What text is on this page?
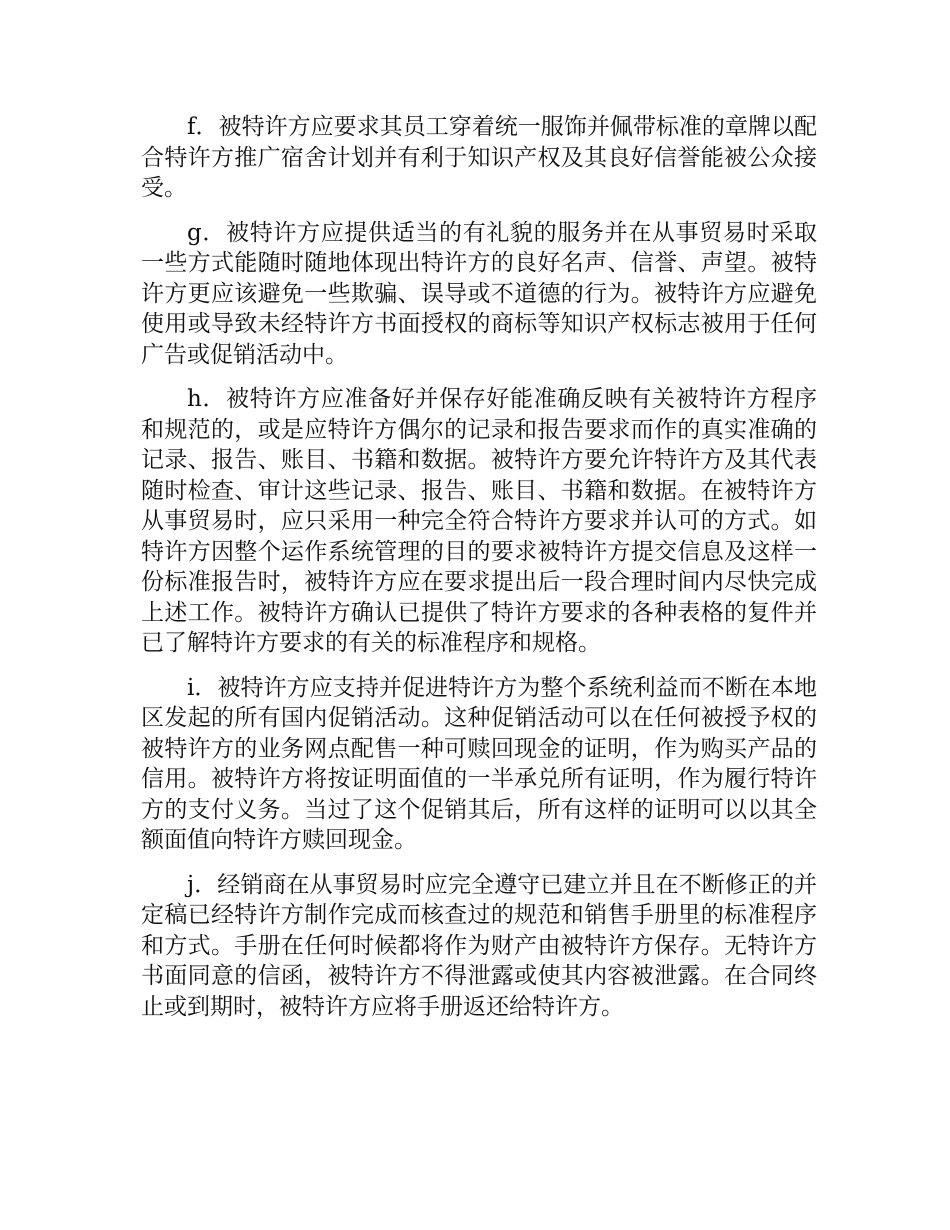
f．被特许方应要求其员工穿着统一服饰并佩带标准的章牌以配合特许方推广宿舍计划并有利于知识产权及其良好信誉能被公众接受。

g．被特许方应提供适当的有礼貌的服务并在从事贸易时采取一些方式能随时随地体现出特许方的良好名声、信誉、声望。被特许方更应该避免一些欺骗、误导或不道德的行为。被特许方应避免使用或导致未经特许方书面授权的商标等知识产权标志被用于任何广告或促销活动中。

h．被特许方应准备好并保存好能准确反映有关被特许方程序和规范的，或是应特许方偶尔的记录和报告要求而作的真实准确的记录、报告、账目、书籍和数据。被特许方要允许特许方及其代表随时检查、审计这些记录、报告、账目、书籍和数据。在被特许方从事贸易时，应只采用一种完全符合特许方要求并认可的方式。如特许方因整个运作系统管理的目的要求被特许方提交信息及这样一份标准报告时，被特许方应在要求提出后一段合理时间内尽快完成上述工作。被特许方确认已提供了特许方要求的各种表格的复件并已了解特许方要求的有关的标准程序和规格。

i．被特许方应支持并促进特许方为整个系统利益而不断在本地区发起的所有国内促销活动。这种促销活动可以在任何被授予权的被特许方的业务网点配售一种可赎回现金的证明，作为购买产品的信用。被特许方将按证明面值的一半承兑所有证明，作为履行特许方的支付义务。当过了这个促销其后，所有这样的证明可以以其全额面值向特许方赎回现金。

j．经销商在从事贸易时应完全遵守已建立并且在不断修正的并定稿已经特许方制作完成而核查过的规范和销售手册里的标准程序和方式。手册在任何时候都将作为财产由被特许方保存。无特许方书面同意的信函，被特许方不得泄露或使其内容被泄露。在合同终止或到期时，被特许方应将手册返还给特许方。
